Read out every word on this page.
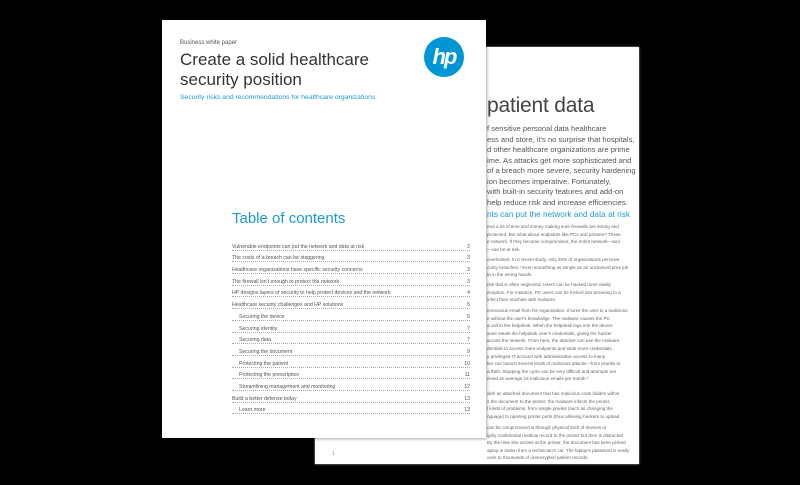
patient data
f sensitive personal data healthcare
ess and store, it's no surprise that hospitals,
d other healthcare organizations are prime
ime. As attacks get more sophisticated and
of a breach more severe, security hardening
ion becomes imperative. Fortunately,
with built-in security features and add-on
help reduce risk and increase efficiencies.
nts can put the network and data at risk
end a lot of time and money making sure firewalls are strong and
protected. But what about endpoints like PCs and printers? These
e network. If they become compromised, the entire network—and
—can be at risk.
overlooked. In a recent study, only 30% of organizations perceive
curity breaches.¹ Even something as simple as an unclaimed print job
ta in the wrong hands.
risk that is often neglected. Users can be hacked more easily
eception. For instance, PC users can be tricked into browsing to a
infect their machine with malware.
innocuous email from his organization. It lures the user to a malicious
e without the user's knowledge. The malware causes the PC
a call to the helpdesk. When the helpdesk logs into the device
ware steals the helpdesk user's credentials, giving the hacker
across the network. From here, the attacker can use the malware
dentials to access more endpoints and steal more credentials.
y privileged IT account with administrative access to many
ker can launch several kinds of malicious attacks—from pranks to
a theft. Stopping the cycle can be very difficult and attempts are
eived an average 16 malicious emails per month.²
with an attached document that has malicious code hidden within
s the document to the printer, the malware infects the printer.
l kinds of problems, from simple pranks (such as changing the
nguage) to opening printer ports (thus allowing hackers to upload
can be compromised is through physical theft of devices or
ighly confidential medical record to the printer but then is distracted
By the time she arrives at the printer, the document has been picked
aptop is stolen from a technician's car. The laptop's password is easily
cess to thousands of unencrypted patient records.
1
Business white paper
Create a solid healthcare security position
Security risks and recommendations for healthcare organizations
hp
Table of contents
Vulnerable endpoints can put the network and data at risk	2
The costs of a breach can be staggering	3
Healthcare organizations have specific security concerns	3
The firewall isn't enough to protect the network	3
HP designs layers of security to help protect devices and the network	4
Healthcare security challenges and HP solutions	5
Securing the device	5
Securing identity	7
Securing data	7
Securing the document	9
Protecting the patient	10
Protecting the prescription	11
Streamlining management and monitoring	12
Build a better defense today	13
Learn more	13
